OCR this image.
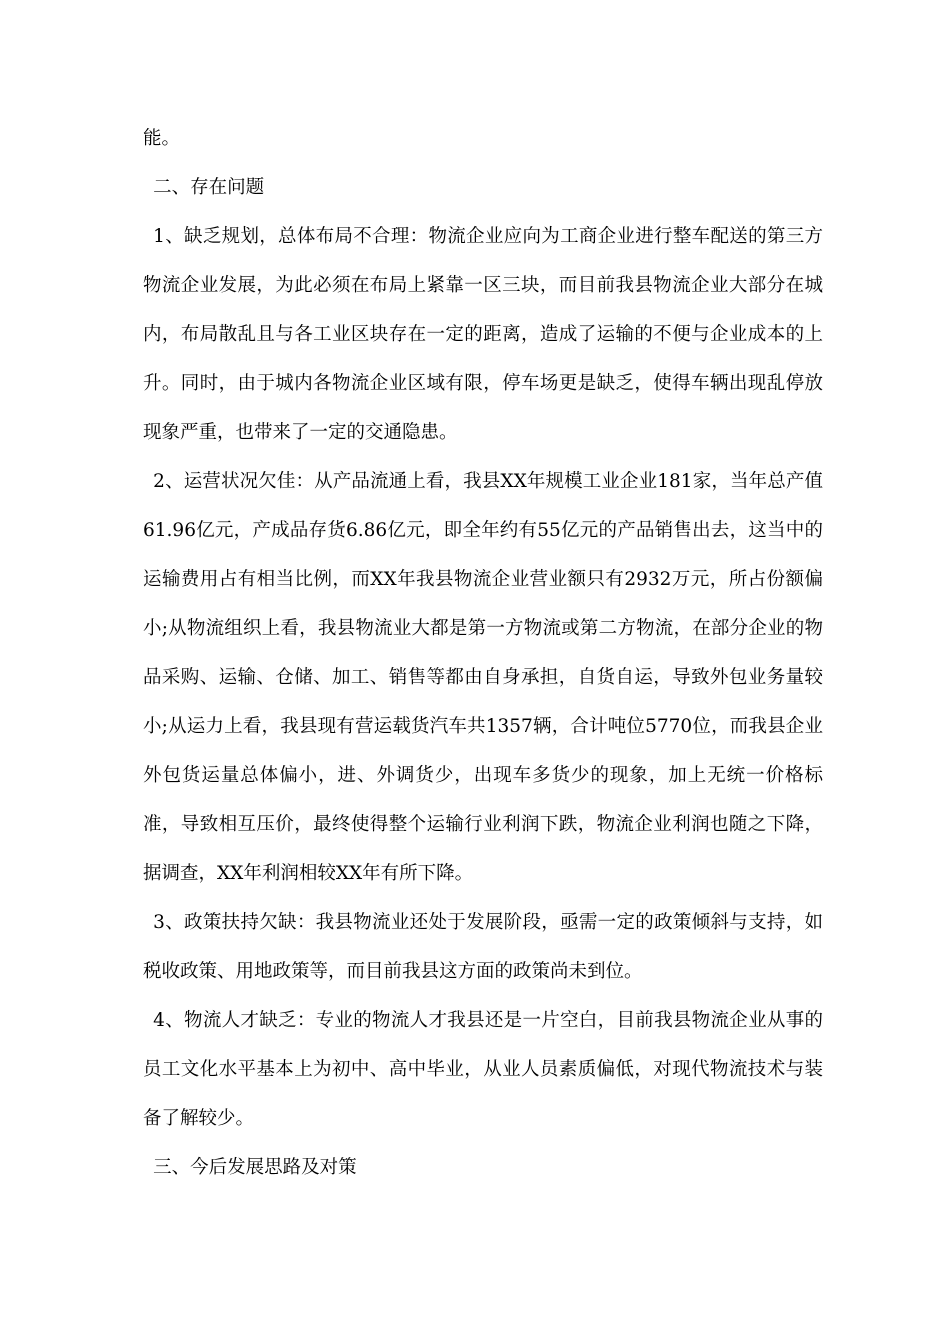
能。

二、存在问题

1、缺乏规划，总体布局不合理：物流企业应向为工商企业进行整车配送的第三方物流企业发展，为此必须在布局上紧靠一区三块，而目前我县物流企业大部分在城内，布局散乱且与各工业区块存在一定的距离，造成了运输的不便与企业成本的上升。同时，由于城内各物流企业区域有限，停车场更是缺乏，使得车辆出现乱停放现象严重，也带来了一定的交通隐患。

2、运营状况欠佳：从产品流通上看，我县XX年规模工业企业181家，当年总产值61.96亿元，产成品存货6.86亿元，即全年约有55亿元的产品销售出去，这当中的运输费用占有相当比例，而XX年我县物流企业营业额只有2932万元，所占份额偏小;从物流组织上看，我县物流业大都是第一方物流或第二方物流，在部分企业的物品采购、运输、仓储、加工、销售等都由自身承担，自货自运，导致外包业务量较小;从运力上看，我县现有营运载货汽车共1357辆，合计吨位5770位，而我县企业外包货运量总体偏小，进、外调货少，出现车多货少的现象，加上无统一价格标准，导致相互压价，最终使得整个运输行业利润下跌，物流企业利润也随之下降，据调查，XX年利润相较XX年有所下降。

3、政策扶持欠缺：我县物流业还处于发展阶段，亟需一定的政策倾斜与支持，如税收政策、用地政策等，而目前我县这方面的政策尚未到位。

4、物流人才缺乏：专业的物流人才我县还是一片空白，目前我县物流企业从事的员工文化水平基本上为初中、高中毕业，从业人员素质偏低，对现代物流技术与装备了解较少。

三、今后发展思路及对策
